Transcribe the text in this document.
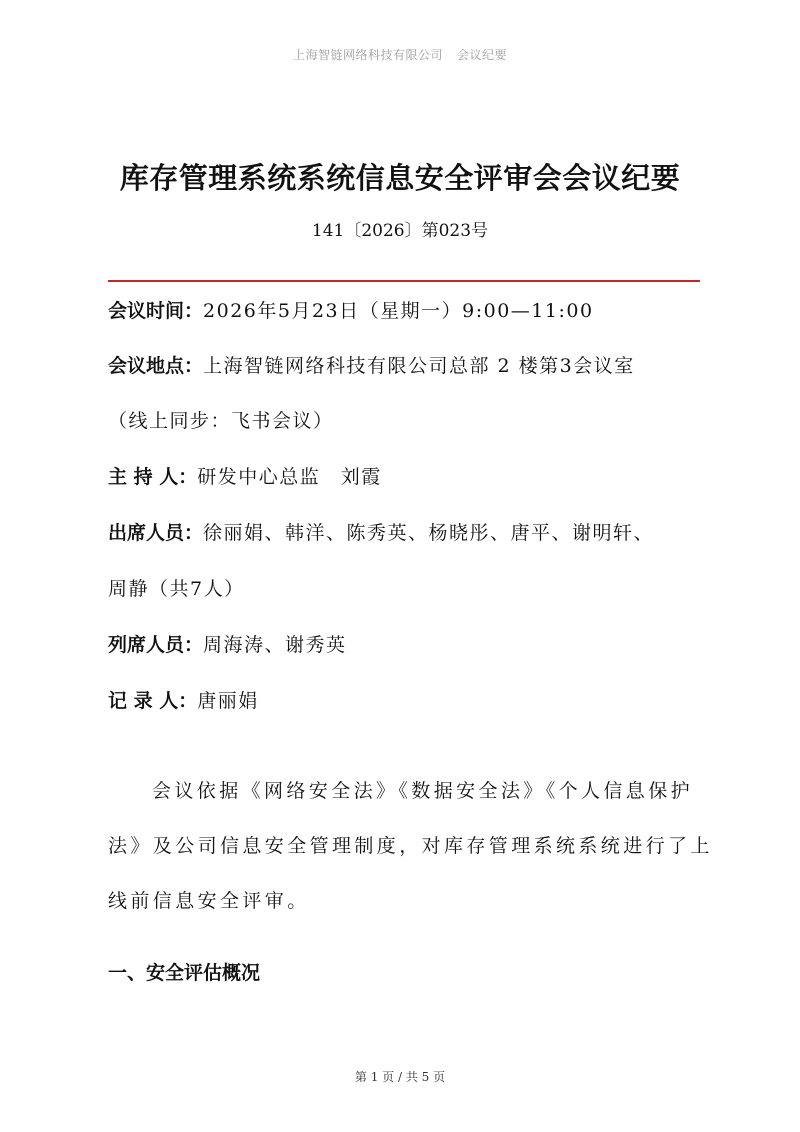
上海智链网络科技有限公司 会议纪要
库存管理系统系统信息安全评审会会议纪要
141〔2026〕第023号
会议时间：2026年5月23日（星期一）9:00—11:00
会议地点：上海智链网络科技有限公司总部 2 楼第3会议室
（线上同步：飞书会议）
主 持 人：研发中心总监　刘霞
出席人员：徐丽娟、韩洋、陈秀英、杨晓彤、唐平、谢明轩、
周静（共7人）
列席人员：周海涛、谢秀英
记 录 人：唐丽娟
会议依据《网络安全法》《数据安全法》《个人信息保护
法》及公司信息安全管理制度，对库存管理系统系统进行了上
线前信息安全评审。
一、安全评估概况
第 1 页 / 共 5 页
